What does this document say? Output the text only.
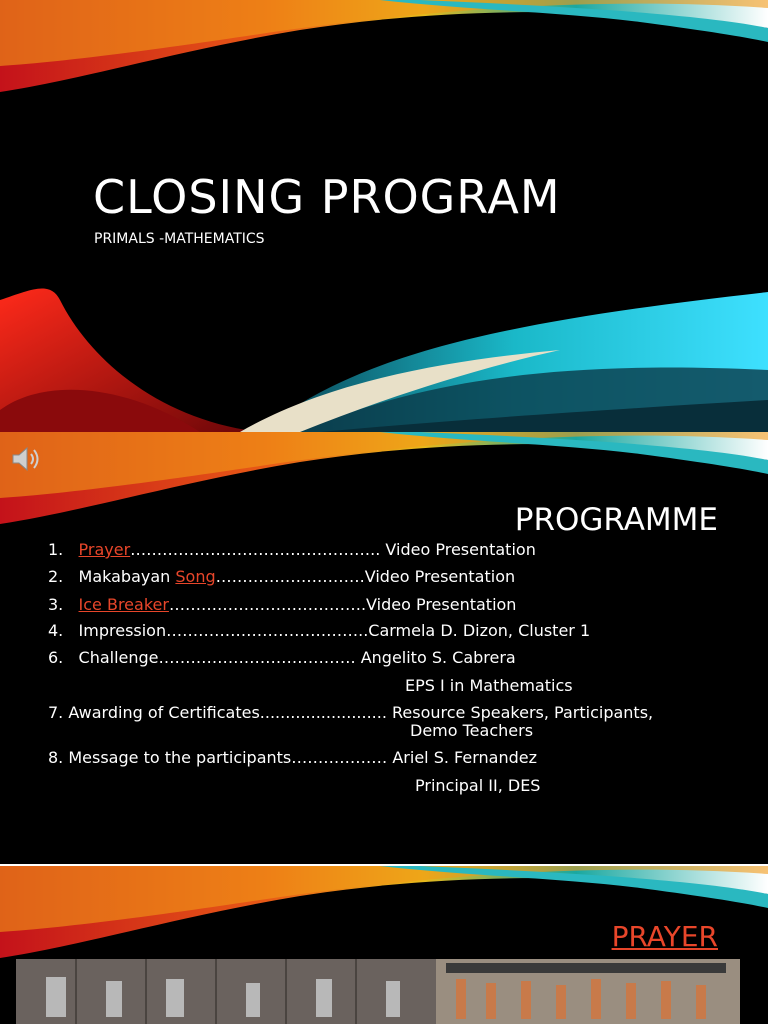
CLOSING PROGRAM
PRIMALS -MATHEMATICS
PROGRAMME
1. Prayer……………………………………….. Video Presentation
2. Makabayan Song……………………….Video Presentation
3. Ice Breaker……………………………….Video Presentation
4. Impression………………………………..Carmela D. Dizon, Cluster 1
6. Challenge………………………………. Angelito S. Cabrera
EPS I in Mathematics
7. Awarding of Certificates......................... Resource Speakers, Participants,
Demo Teachers
8. Message to the participants……………… Ariel S. Fernandez
Principal II, DES
PRAYER
